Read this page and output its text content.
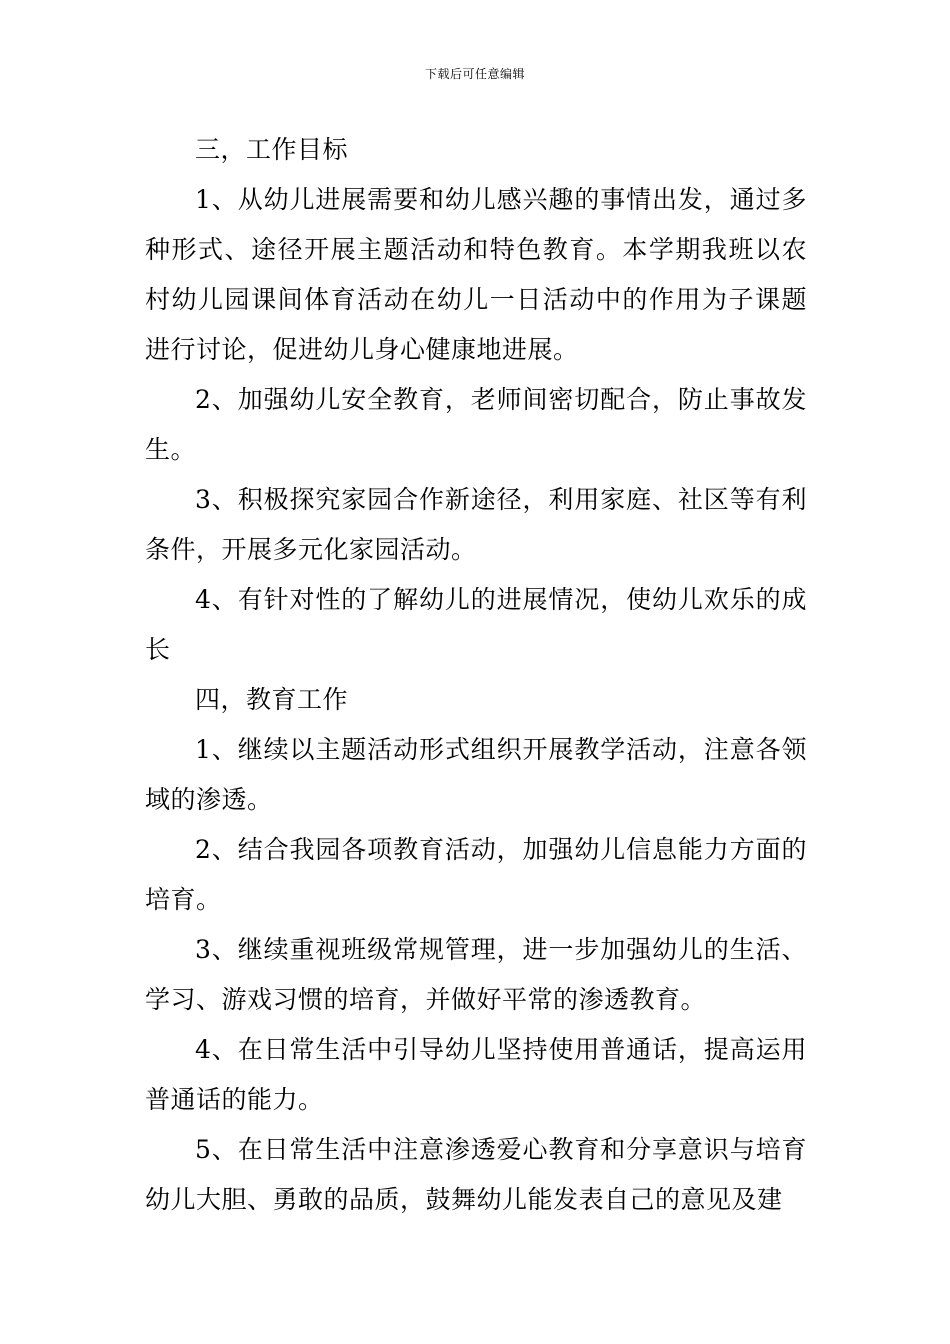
下载后可任意编辑

三，工作目标

1、从幼儿进展需要和幼儿感兴趣的事情出发，通过多种形式、途径开展主题活动和特色教育。本学期我班以农村幼儿园课间体育活动在幼儿一日活动中的作用为子课题进行讨论，促进幼儿身心健康地进展。

2、加强幼儿安全教育，老师间密切配合，防止事故发生。

3、积极探究家园合作新途径，利用家庭、社区等有利条件，开展多元化家园活动。

4、有针对性的了解幼儿的进展情况，使幼儿欢乐的成长

四，教育工作

1、继续以主题活动形式组织开展教学活动，注意各领域的渗透。

2、结合我园各项教育活动，加强幼儿信息能力方面的培育。

3、继续重视班级常规管理，进一步加强幼儿的生活、学习、游戏习惯的培育，并做好平常的渗透教育。

4、在日常生活中引导幼儿坚持使用普通话，提高运用普通话的能力。

5、在日常生活中注意渗透爱心教育和分享意识与培育幼儿大胆、勇敢的品质，鼓舞幼儿能发表自己的意见及建
